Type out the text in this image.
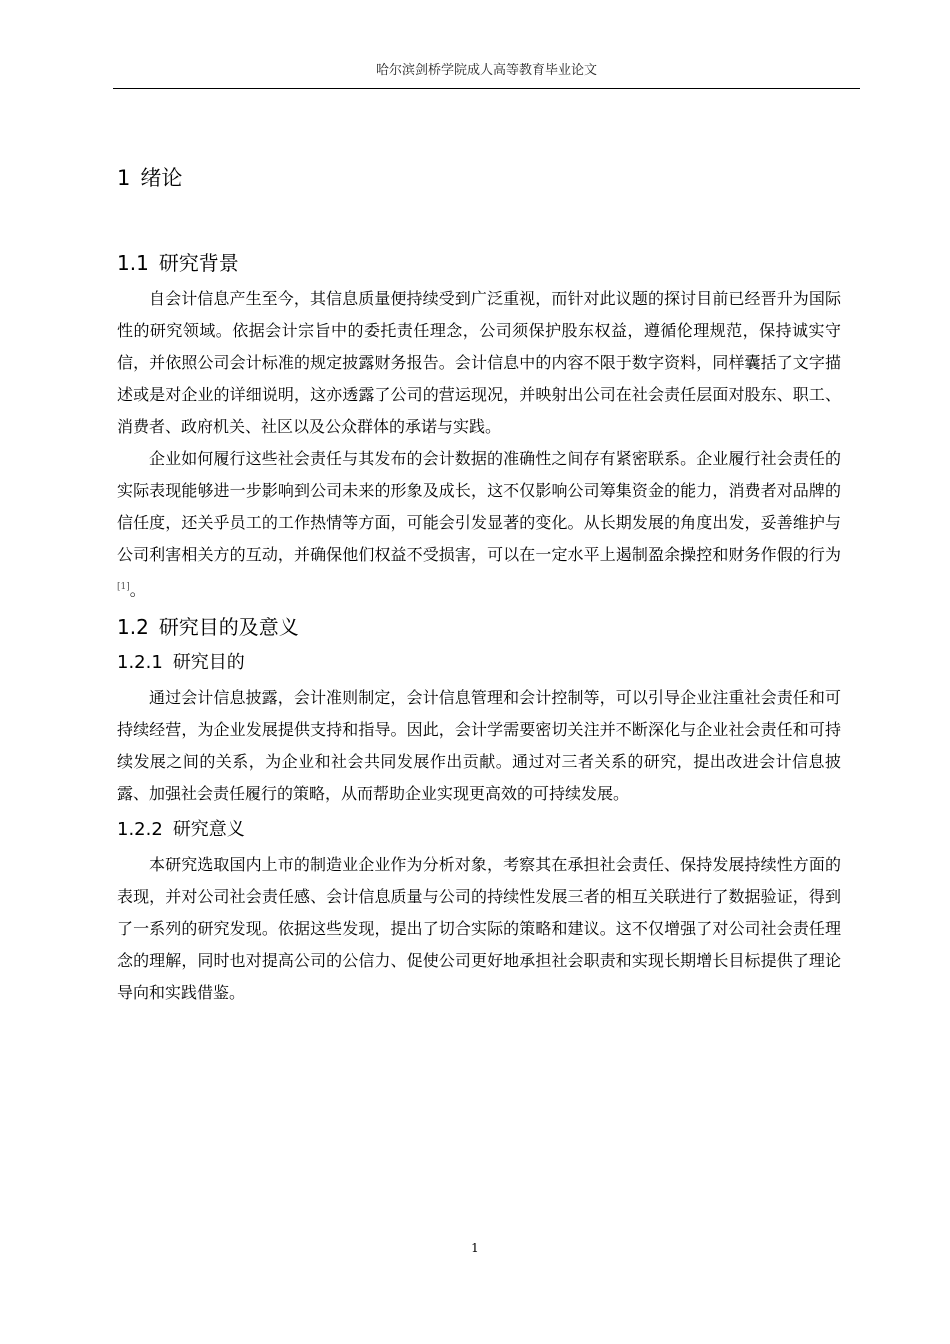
哈尔滨剑桥学院成人高等教育毕业论文
1 绪论
1.1 研究背景

自会计信息产生至今，其信息质量便持续受到广泛重视，而针对此议题的探讨目前已经晋升为国际性的研究领域。依据会计宗旨中的委托责任理念，公司须保护股东权益，遵循伦理规范，保持诚实守信，并依照公司会计标准的规定披露财务报告。会计信息中的内容不限于数字资料，同样囊括了文字描述或是对企业的详细说明，这亦透露了公司的营运现况，并映射出公司在社会责任层面对股东、职工、消费者、政府机关、社区以及公众群体的承诺与实践。

企业如何履行这些社会责任与其发布的会计数据的准确性之间存有紧密联系。企业履行社会责任的实际表现能够进一步影响到公司未来的形象及成长，这不仅影响公司筹集资金的能力，消费者对品牌的信任度，还关乎员工的工作热情等方面，可能会引发显著的变化。从长期发展的角度出发，妥善维护与公司利害相关方的互动，并确保他们权益不受损害，可以在一定水平上遏制盈余操控和财务作假的行为[1]。

1.2 研究目的及意义
1.2.1 研究目的

通过会计信息披露，会计准则制定，会计信息管理和会计控制等，可以引导企业注重社会责任和可持续经营，为企业发展提供支持和指导。因此，会计学需要密切关注并不断深化与企业社会责任和可持续发展之间的关系，为企业和社会共同发展作出贡献。通过对三者关系的研究，提出改进会计信息披露、加强社会责任履行的策略，从而帮助企业实现更高效的可持续发展。

1.2.2 研究意义

本研究选取国内上市的制造业企业作为分析对象，考察其在承担社会责任、保持发展持续性方面的表现，并对公司社会责任感、会计信息质量与公司的持续性发展三者的相互关联进行了数据验证，得到了一系列的研究发现。依据这些发现，提出了切合实际的策略和建议。这不仅增强了对公司社会责任理念的理解，同时也对提高公司的公信力、促使公司更好地承担社会职责和实现长期增长目标提供了理论导向和实践借鉴。

1
